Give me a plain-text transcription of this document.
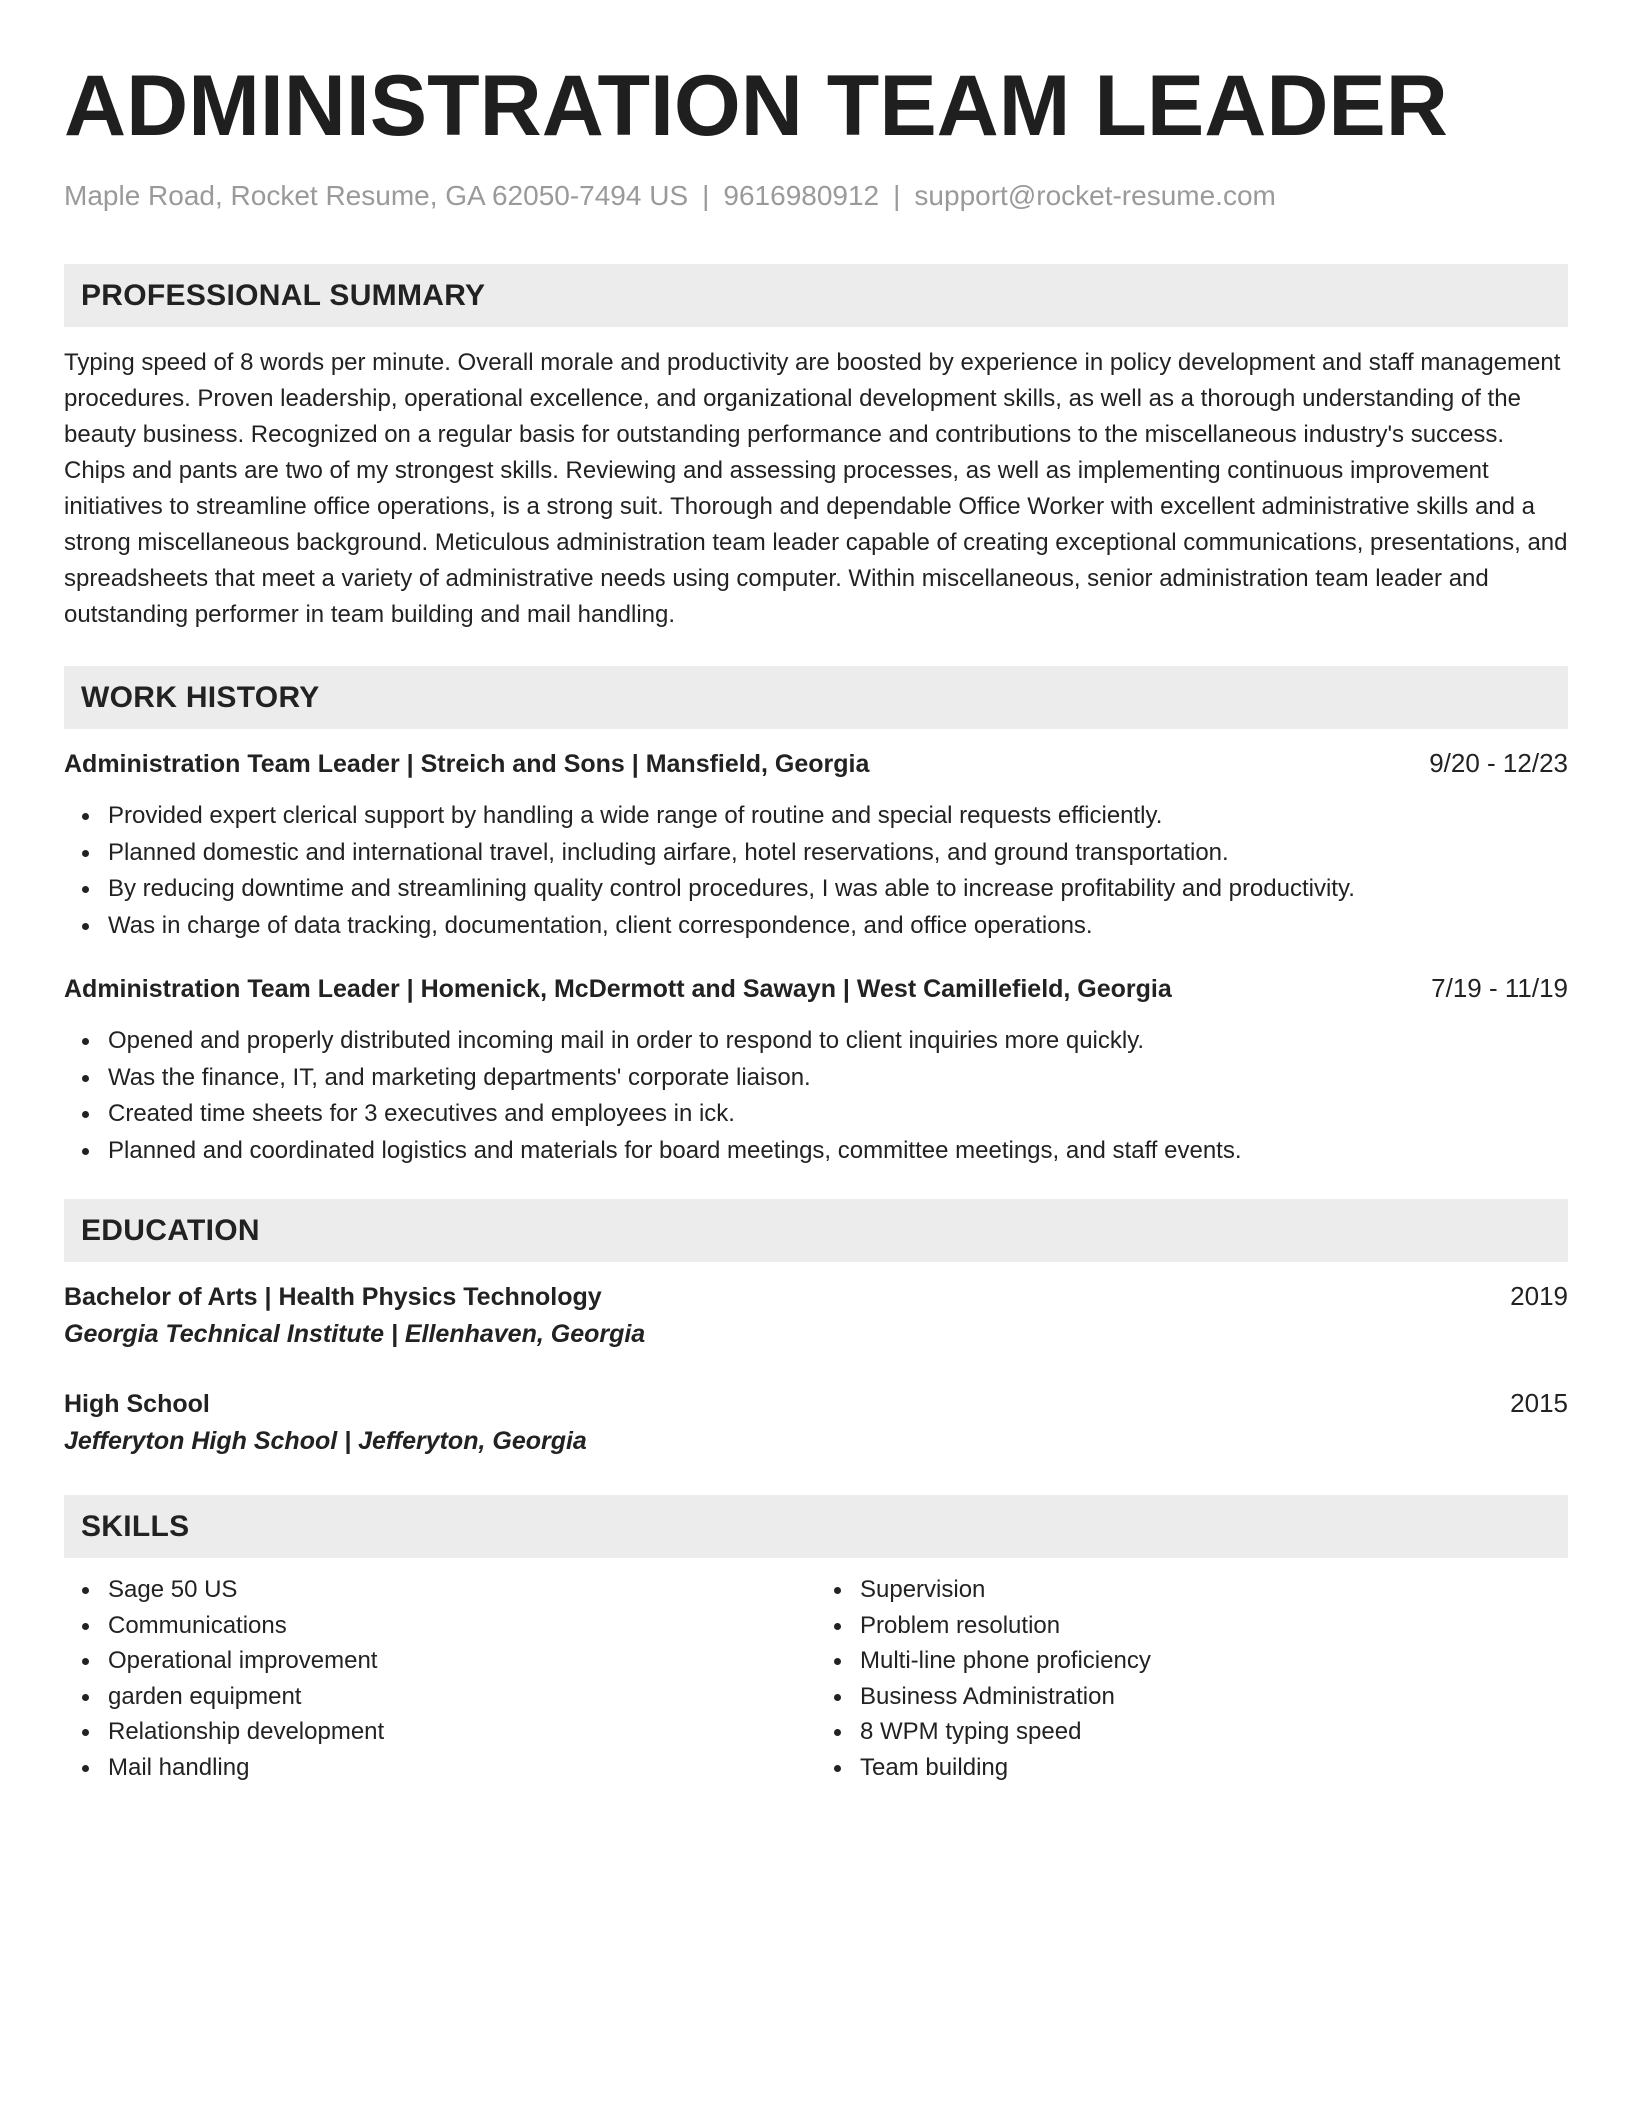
ADMINISTRATION TEAM LEADER
Maple Road, Rocket Resume, GA 62050-7494 US | 9616980912 | support@rocket-resume.com
PROFESSIONAL SUMMARY

Typing speed of 8 words per minute. Overall morale and productivity are boosted by experience in policy development and staff management procedures. Proven leadership, operational excellence, and organizational development skills, as well as a thorough understanding of the beauty business. Recognized on a regular basis for outstanding performance and contributions to the miscellaneous industry's success. Chips and pants are two of my strongest skills. Reviewing and assessing processes, as well as implementing continuous improvement initiatives to streamline office operations, is a strong suit. Thorough and dependable Office Worker with excellent administrative skills and a strong miscellaneous background. Meticulous administration team leader capable of creating exceptional communications, presentations, and spreadsheets that meet a variety of administrative needs using computer. Within miscellaneous, senior administration team leader and outstanding performer in team building and mail handling.

WORK HISTORY
Administration Team Leader | Streich and Sons | Mansfield, Georgia	9/20 - 12/23
Provided expert clerical support by handling a wide range of routine and special requests efficiently.
Planned domestic and international travel, including airfare, hotel reservations, and ground transportation.
By reducing downtime and streamlining quality control procedures, I was able to increase profitability and productivity.
Was in charge of data tracking, documentation, client correspondence, and office operations.
Administration Team Leader | Homenick, McDermott and Sawayn | West Camillefield, Georgia	7/19 - 11/19
Opened and properly distributed incoming mail in order to respond to client inquiries more quickly.
Was the finance, IT, and marketing departments' corporate liaison.
Created time sheets for 3 executives and employees in ick.
Planned and coordinated logistics and materials for board meetings, committee meetings, and staff events.
EDUCATION
Bachelor of Arts | Health Physics Technology	2019
Georgia Technical Institute | Ellenhaven, Georgia
High School	2015
Jefferyton High School | Jefferyton, Georgia
SKILLS
Sage 50 US
Communications
Operational improvement
garden equipment
Relationship development
Mail handling
Supervision
Problem resolution
Multi-line phone proficiency
Business Administration
8 WPM typing speed
Team building
